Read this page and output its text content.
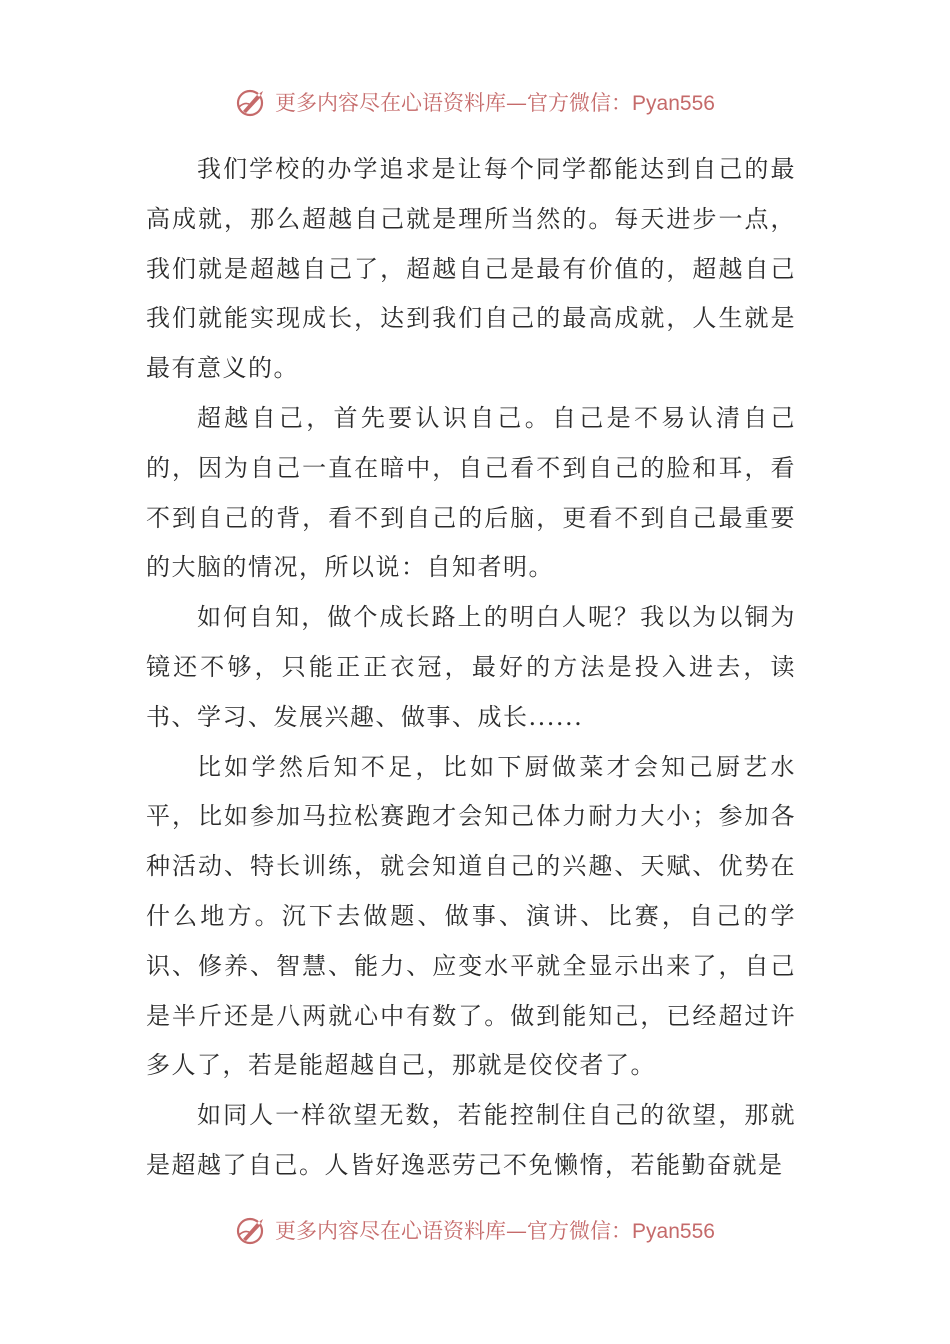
更多内容尽在心语资料库—官方微信：Pyan556

我们学校的办学追求是让每个同学都能达到自己的最高成就，那么超越自己就是理所当然的。每天进步一点，我们就是超越自己了，超越自己是最有价值的，超越自己我们就能实现成长，达到我们自己的最高成就，人生就是最有意义的。

超越自己，首先要认识自己。自己是不易认清自己的，因为自己一直在暗中，自己看不到自己的脸和耳，看不到自己的背，看不到自己的后脑，更看不到自己最重要的大脑的情况，所以说：自知者明。

如何自知，做个成长路上的明白人呢？我以为以铜为镜还不够，只能正正衣冠，最好的方法是投入进去，读书、学习、发展兴趣、做事、成长......

比如学然后知不足，比如下厨做菜才会知己厨艺水平，比如参加马拉松赛跑才会知己体力耐力大小；参加各种活动、特长训练，就会知道自己的兴趣、天赋、优势在什么地方。沉下去做题、做事、演讲、比赛，自己的学识、修养、智慧、能力、应变水平就全显示出来了，自己是半斤还是八两就心中有数了。做到能知己，已经超过许多人了，若是能超越自己，那就是佼佼者了。

如同人一样欲望无数，若能控制住自己的欲望，那就是超越了自己。人皆好逸恶劳己不免懒惰，若能勤奋就是

更多内容尽在心语资料库—官方微信：Pyan556
